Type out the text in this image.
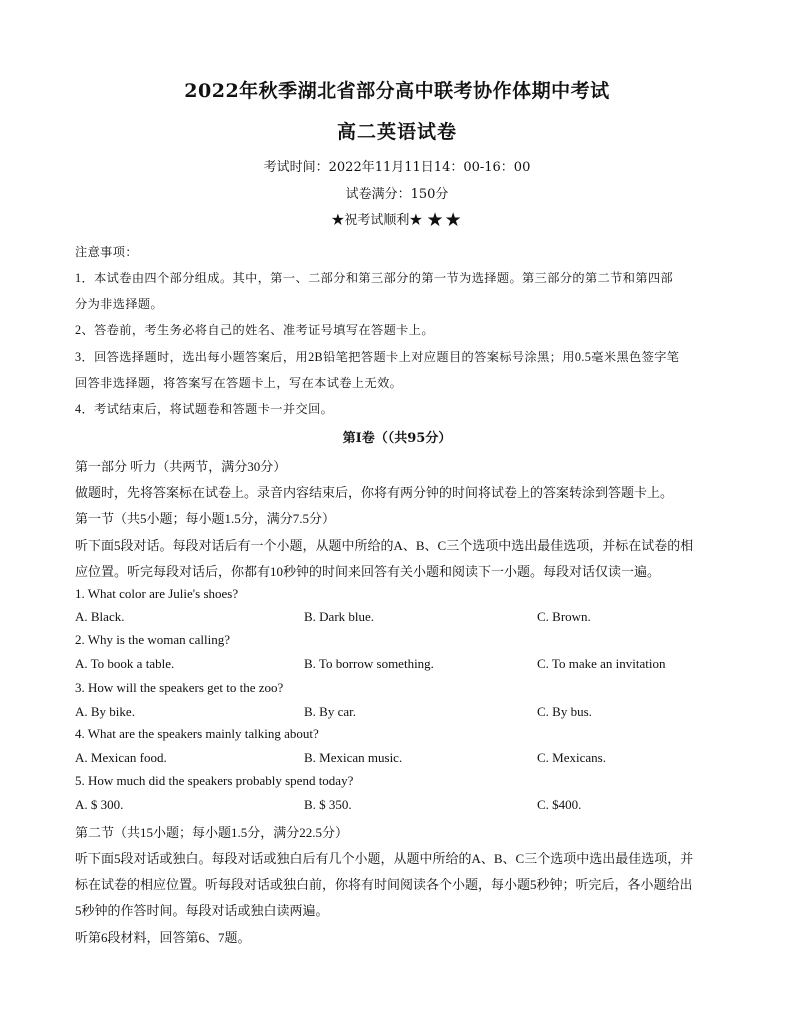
2022年秋季湖北省部分高中联考协作体期中考试
高二英语试卷
考试时间：2022年11月11日14：00-16：00
试卷满分：150分
★祝考试顺利★ ★★
注意事项：
1．本试卷由四个部分组成。其中，第一、二部分和第三部分的第一节为选择题。第三部分的第二节和第四部
分为非选择题。
2、答卷前，考生务必将自己的姓名、准考证号填写在答题卡上。
3．回答选择题时，选出每小题答案后，用2B铅笔把答题卡上对应题目的答案标号涂黑；用0.5毫米黑色签字笔
回答非选择题，将答案写在答题卡上，写在本试卷上无效。
4．考试结束后，将试题卷和答题卡一并交回。
第Ⅰ卷（（共95分）
第一部分 听力（共两节，满分30分）
做题时，先将答案标在试卷上。录音内容结束后，你将有两分钟的时间将试卷上的答案转涂到答题卡上。
第一节（共5小题；每小题1.5分，满分7.5分）
听下面5段对话。每段对话后有一个小题，从题中所给的A、B、C三个选项中选出最佳选项，并标在试卷的相
应位置。听完每段对话后，你都有10秒钟的时间来回答有关小题和阅读下一小题。每段对话仅读一遍。
1. What color are Julie's shoes?
A. Black.	B. Dark blue.	C. Brown.
2. Why is the woman calling?
A. To book a table.	B. To borrow something.	C. To make an invitation
3. How will the speakers get to the zoo?
A. By bike.	B. By car.	C. By bus.
4. What are the speakers mainly talking about?
A. Mexican food.	B. Mexican music.	C. Mexicans.
5. How much did the speakers probably spend today?
A. $ 300.	B. $ 350.	C. $400.
第二节（共15小题；每小题1.5分，满分22.5分）
听下面5段对话或独白。每段对话或独白后有几个小题，从题中所给的A、B、C三个选项中选出最佳选项，并
标在试卷的相应位置。听每段对话或独白前，你将有时间阅读各个小题，每小题5秒钟；听完后，各小题给出
5秒钟的作答时间。每段对话或独白读两遍。
听第6段材料，回答第6、7题。
